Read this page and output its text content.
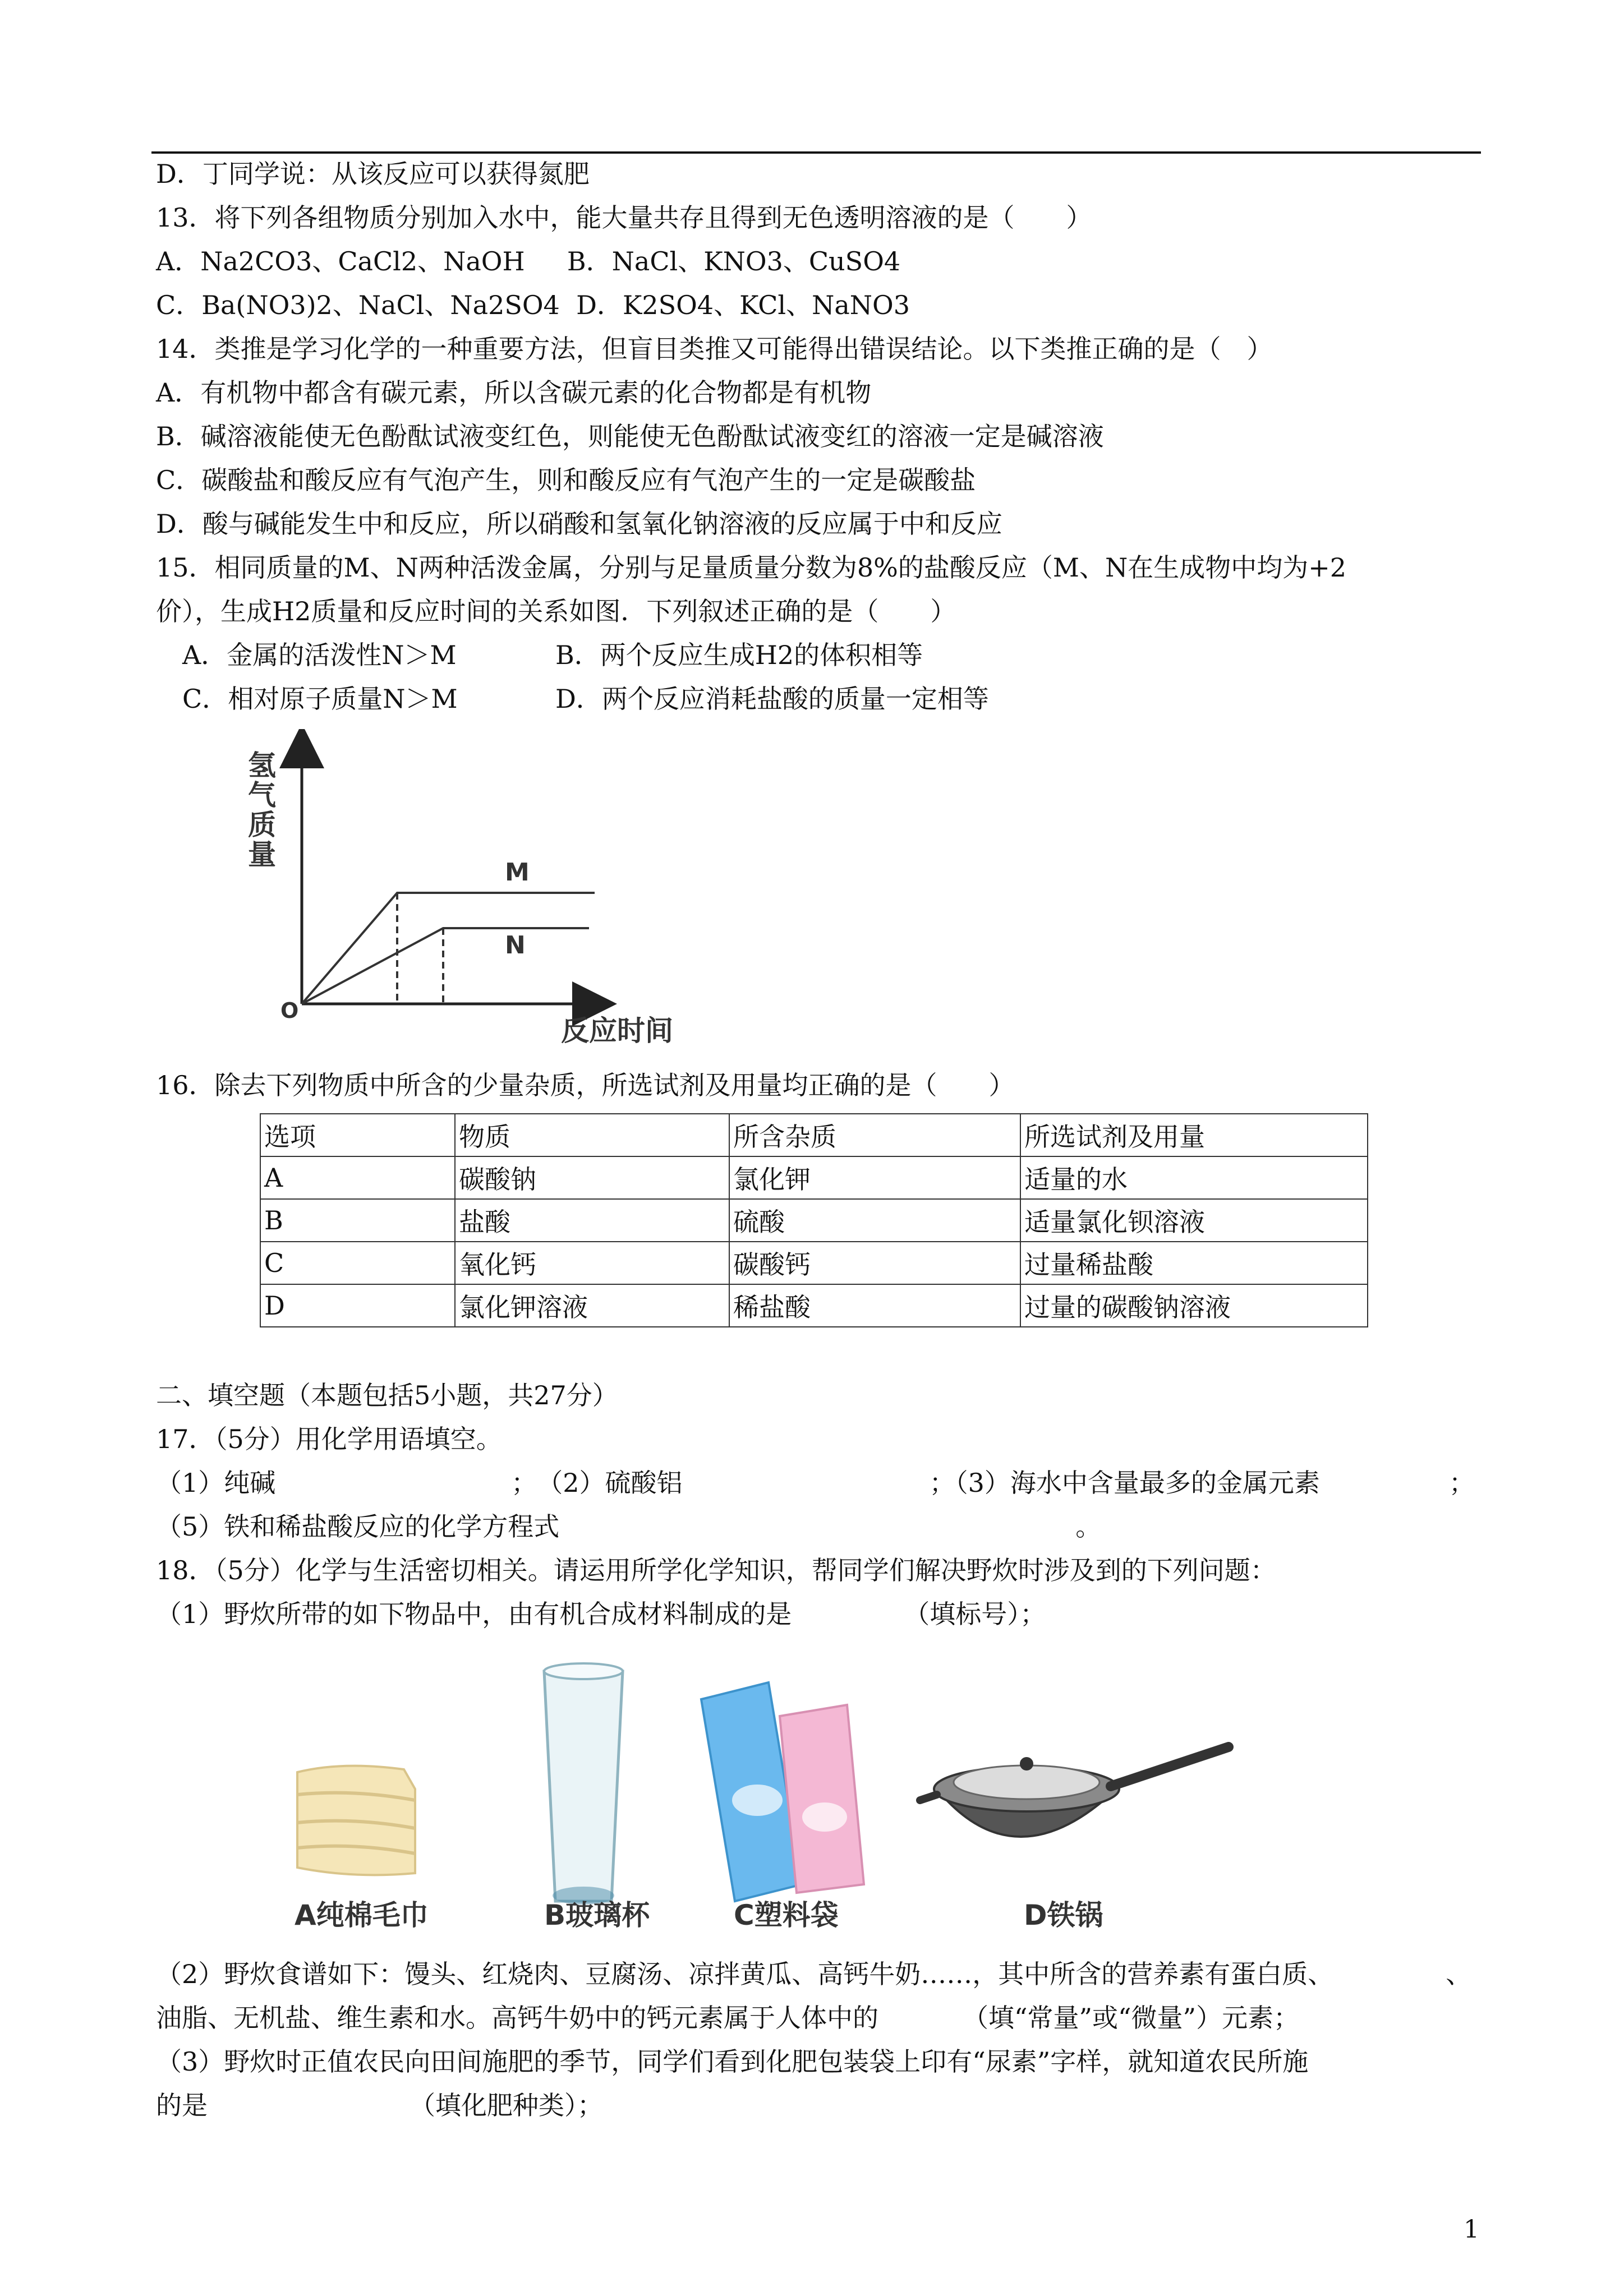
D．丁同学说：从该反应可以获得氮肥
13．将下列各组物质分别加入水中，能大量共存且得到无色透明溶液的是（　　）
A．Na2CO3、CaCl2、NaOH　  B．NaCl、KNO3、CuSO4
C．Ba(NO3)2、NaCl、Na2SO4  D．K2SO4、KCl、NaNO3
14．类推是学习化学的一种重要方法，但盲目类推又可能得出错误结论。以下类推正确的是（　）
A．有机物中都含有碳元素，所以含碳元素的化合物都是有机物
B．碱溶液能使无色酚酞试液变红色，则能使无色酚酞试液变红的溶液一定是碱溶液
C．碳酸盐和酸反应有气泡产生，则和酸反应有气泡产生的一定是碳酸盐
D．酸与碱能发生中和反应，所以硝酸和氢氧化钠溶液的反应属于中和反应
15．相同质量的M、N两种活泼金属，分别与足量质量分数为8%的盐酸反应（M、N在生成物中均为+2
价），生成H2质量和反应时间的关系如图．下列叙述正确的是（　　）
A．金属的活泼性N＞M	B．两个反应生成H2的体积相等
C．相对原子质量N＞M	D．两个反应消耗盐酸的质量一定相等
氢
气
质
量
M
N
O
反应时间
16．除去下列物质中所含的少量杂质，所选试剂及用量均正确的是（　　）
选项	物质	所含杂质	所选试剂及用量
A	碳酸钠	氯化钾	适量的水
B	盐酸	硫酸	适量氯化钡溶液
C	氧化钙	碳酸钙	过量稀盐酸
D	氯化钾溶液	稀盐酸	过量的碳酸钠溶液
二、填空题（本题包括5小题，共27分）
17．（5分）用化学用语填空。
（1）纯碱	；　（2）硫酸铝	；（3）海水中含量最多的金属元素	；
（5）铁和稀盐酸反应的化学方程式	。
18．（5分）化学与生活密切相关。请运用所学化学知识，帮同学们解决野炊时涉及到的下列问题：
（1）野炊所带的如下物品中，由有机合成材料制成的是	（填标号）；
A纯棉毛巾	B玻璃杯	C塑料袋	D铁锅
（2）野炊食谱如下：馒头、红烧肉、豆腐汤、凉拌黄瓜、高钙牛奶……，其中所含的营养素有蛋白质、	、
油脂、无机盐、维生素和水。高钙牛奶中的钙元素属于人体中的	（填“常量”或“微量”）元素；
（3）野炊时正值农民向田间施肥的季节，同学们看到化肥包装袋上印有“尿素”字样，就知道农民所施
的是	（填化肥种类）；
1
